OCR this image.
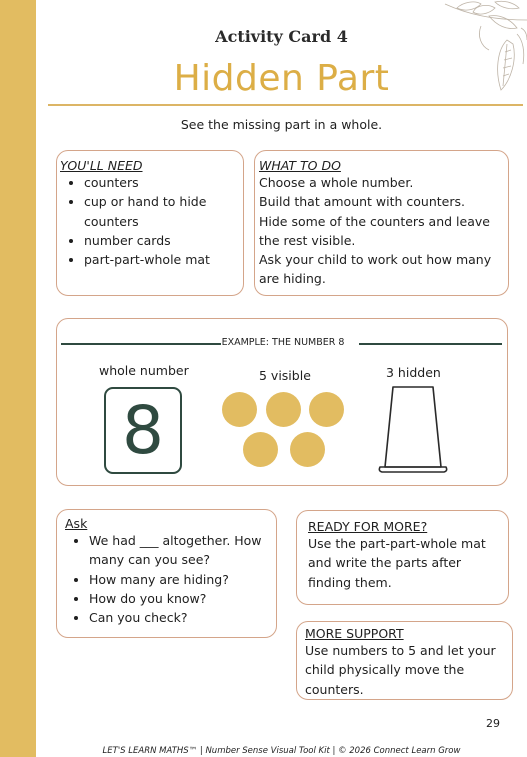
Activity Card 4
Hidden Part
See the missing part in a whole.
YOU'LL NEED
• counters
• cup or hand to hide counters
• number cards
• part-part-whole mat
WHAT TO DO

Choose a whole number.

Build that amount with counters.

Hide some of the counters and leave the rest visible.

Ask your child to work out how many are hiding.

EXAMPLE: THE NUMBER 8
whole number	5 visible	3 hidden
8
Ask
• We had ___ altogether. How many can you see?
• How many are hiding?
• How do you know?
• Can you check?
READY FOR MORE?

Use the part-part-whole mat and write the parts after finding them.

MORE SUPPORT

Use numbers to 5 and let your child physically move the counters.

29
LET'S LEARN MATHS™ | Number Sense Visual Tool Kit | © 2026 Connect Learn Grow
